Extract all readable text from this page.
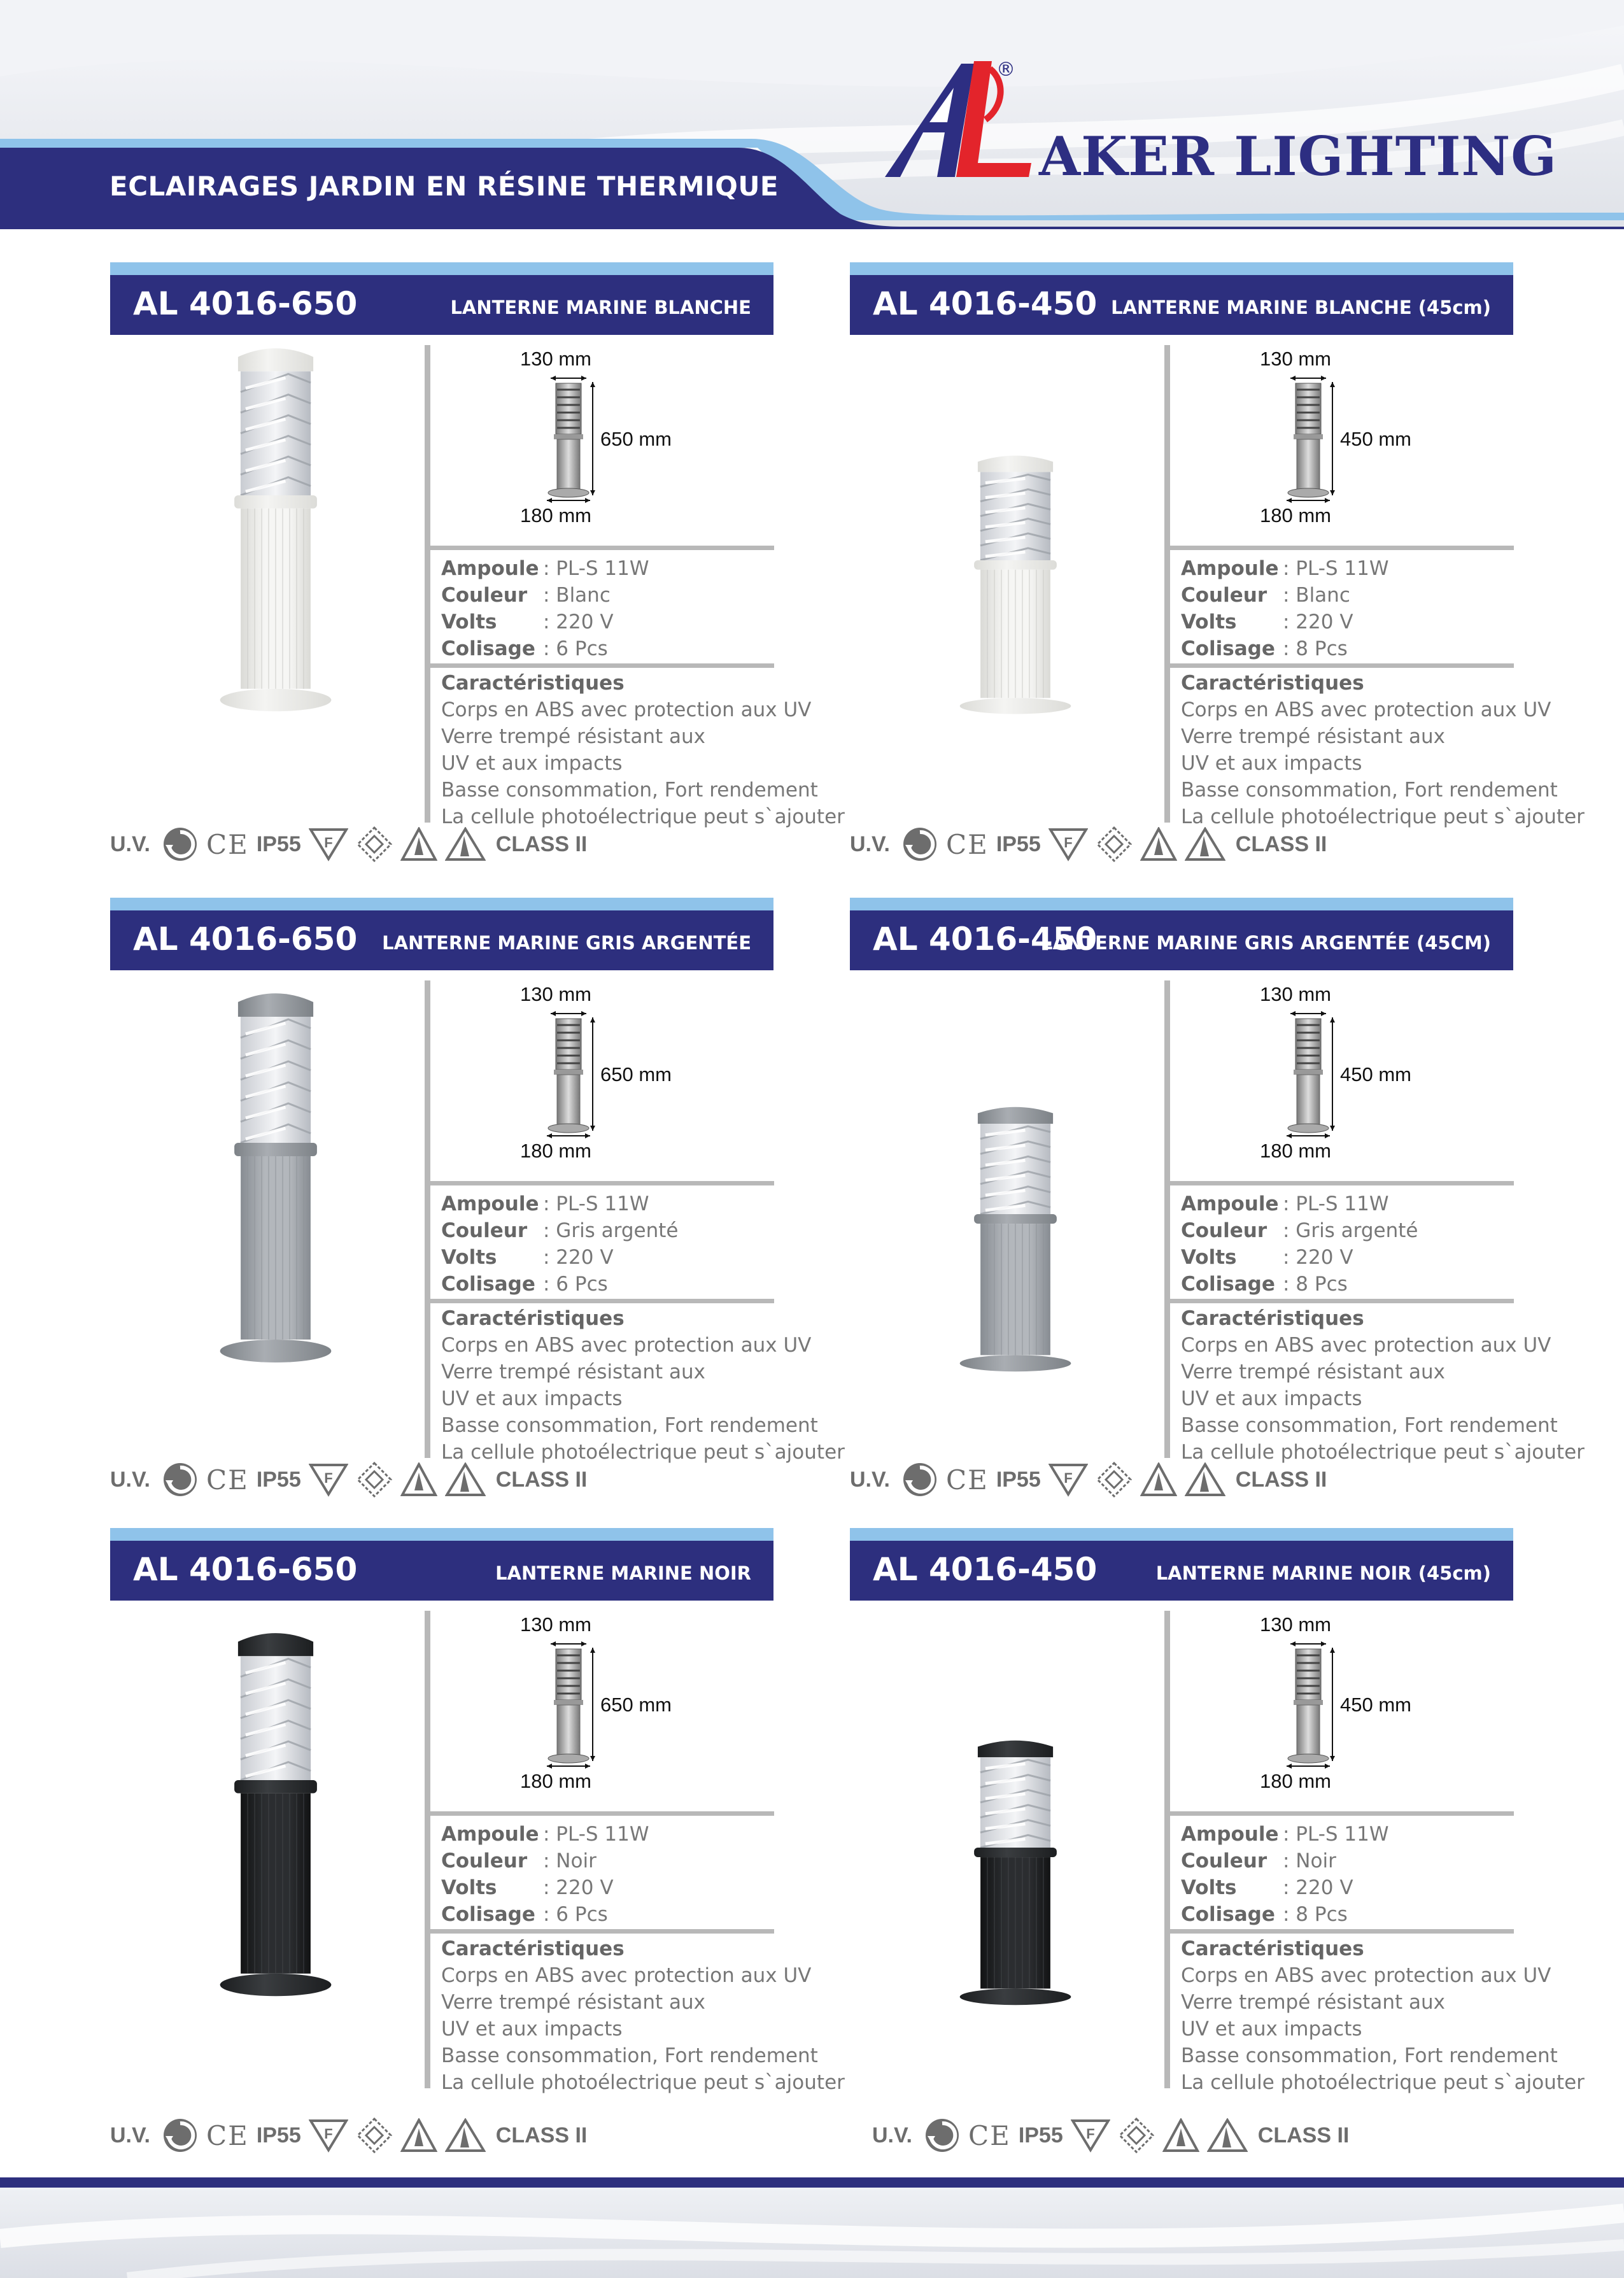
ECLAIRAGES JARDIN EN RÉSINE THERMIQUE
®
AKER LIGHTING
AL 4016-650	LANTERNE MARINE BLANCHE
130 mm
650 mm
180 mm
Ampoule : PL-S 11W
Couleur : Blanc
Volts	: 220 V
Colisage : 6 Pcs
Caractéristiques
Corps en ABS avec protection aux UV
Verre trempé résistant aux
UV et aux impacts
Basse consommation, Fort rendement
La cellule photoélectrique peut s`ajouter
U.V. CE IP55 F	CLASS II
AL 4016-450 LANTERNE MARINE BLANCHE (45cm)
130 mm
450 mm
180 mm
Ampoule : PL-S 11W
Couleur : Blanc
Volts	: 220 V
Colisage : 8 Pcs
Caractéristiques
Corps en ABS avec protection aux UV
Verre trempé résistant aux
UV et aux impacts
Basse consommation, Fort rendement
La cellule photoélectrique peut s`ajouter
U.V. CE IP55 F	CLASS II
AL 4016-650 LANTERNE MARINE GRIS ARGENTÉE
130 mm
650 mm
180 mm
Ampoule : PL-S 11W
Couleur : Gris argenté
Volts	: 220 V
Colisage : 6 Pcs
Caractéristiques
Corps en ABS avec protection aux UV
Verre trempé résistant aux
UV et aux impacts
Basse consommation, Fort rendement
La cellule photoélectrique peut s`ajouter
U.V. CE IP55 F	CLASS II
AL 4016-450
LANTERNE MARINE GRIS ARGENTÉE (45CM)
130 mm
450 mm
180 mm
Ampoule : PL-S 11W
Couleur : Gris argenté
Volts	: 220 V
Colisage : 8 Pcs
Caractéristiques
Corps en ABS avec protection aux UV
Verre trempé résistant aux
UV et aux impacts
Basse consommation, Fort rendement
La cellule photoélectrique peut s`ajouter
U.V. CE IP55 F	CLASS II
AL 4016-650	LANTERNE MARINE NOIR
130 mm
650 mm
180 mm
Ampoule : PL-S 11W
Couleur : Noir
Volts	: 220 V
Colisage : 6 Pcs
Caractéristiques
Corps en ABS avec protection aux UV
Verre trempé résistant aux
UV et aux impacts
Basse consommation, Fort rendement
La cellule photoélectrique peut s`ajouter
U.V. CE IP55 F	CLASS II
AL 4016-450	LANTERNE MARINE NOIR (45cm)
130 mm
450 mm
180 mm
Ampoule : PL-S 11W
Couleur : Noir
Volts	: 220 V
Colisage : 8 Pcs
Caractéristiques
Corps en ABS avec protection aux UV
Verre trempé résistant aux
UV et aux impacts
Basse consommation, Fort rendement
La cellule photoélectrique peut s`ajouter
U.V. CE IP55 F	CLASS II
